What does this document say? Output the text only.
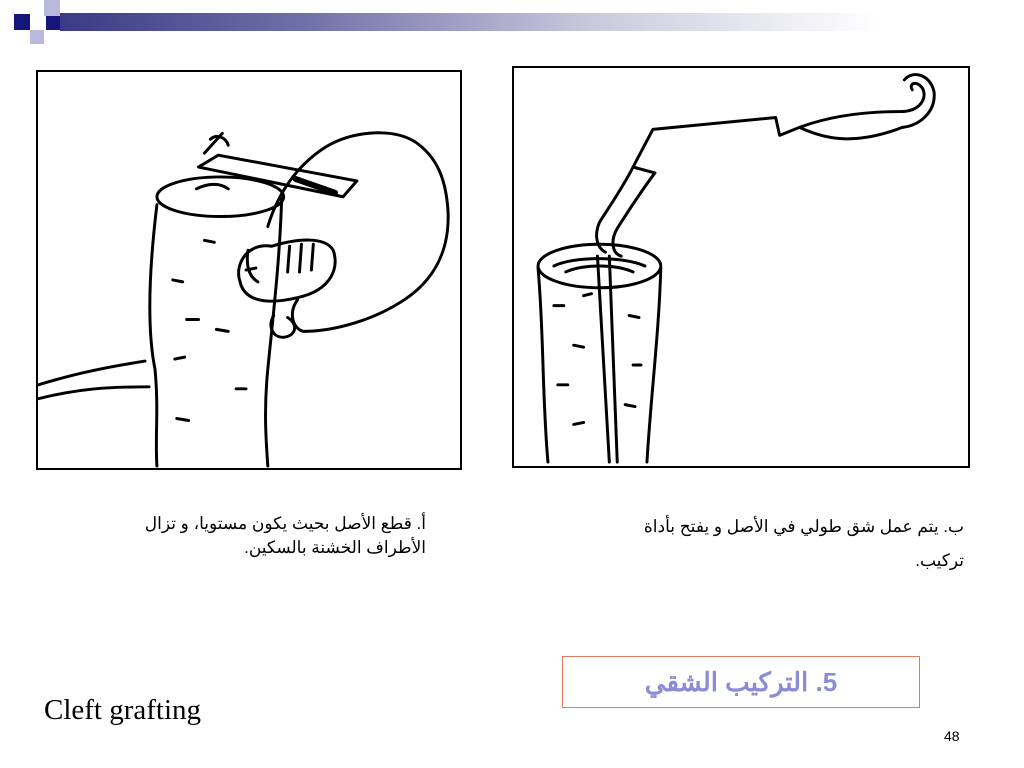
أ. قطع الأصل بحيث يكون مستويا، و تزال

الأطراف الخشنة بالسكين.

ب. يتم عمل شق طولي في الأصل و يفتح بأداة

تركيب.

5. التركيب الشقي
Cleft grafting
48
